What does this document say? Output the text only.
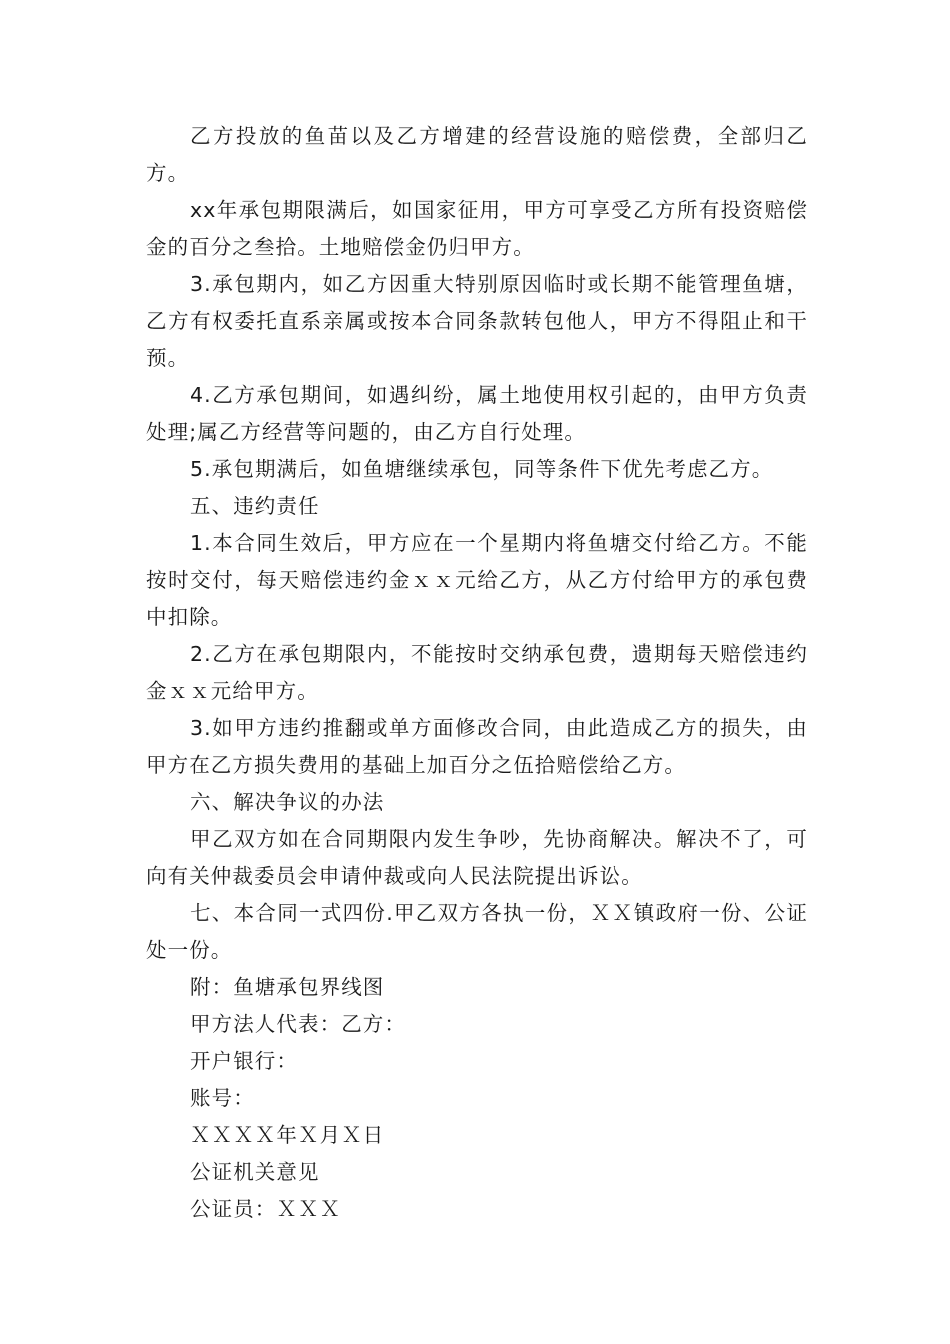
乙方投放的鱼苗以及乙方增建的经营设施的赔偿费，全部归乙方。

xx年承包期限满后，如国家征用，甲方可享受乙方所有投资赔偿金的百分之叁拾。土地赔偿金仍归甲方。

3.承包期内，如乙方因重大特别原因临时或长期不能管理鱼塘，乙方有权委托直系亲属或按本合同条款转包他人，甲方不得阻止和干预。

4.乙方承包期间，如遇纠纷，属土地使用权引起的，由甲方负责处理;属乙方经营等问题的，由乙方自行处理。

5.承包期满后，如鱼塘继续承包，同等条件下优先考虑乙方。

五、违约责任

1.本合同生效后，甲方应在一个星期内将鱼塘交付给乙方。不能按时交付，每天赔偿违约金ｘｘ元给乙方，从乙方付给甲方的承包费中扣除。

2.乙方在承包期限内，不能按时交纳承包费，遗期每天赔偿违约金ｘｘ元给甲方。

3.如甲方违约推翻或单方面修改合同，由此造成乙方的损失，由甲方在乙方损失费用的基础上加百分之伍拾赔偿给乙方。

六、解决争议的办法

甲乙双方如在合同期限内发生争吵，先协商解决。解决不了，可向有关仲裁委员会申请仲裁或向人民法院提出诉讼。

七、本合同一式四份.甲乙双方各执一份，ＸＸ镇政府一份、公证处一份。

附：鱼塘承包界线图

甲方法人代表：乙方：

开户银行：

账号：

ＸＸＸＸ年Ｘ月Ｘ日

公证机关意见

公证员：ＸＸＸ
